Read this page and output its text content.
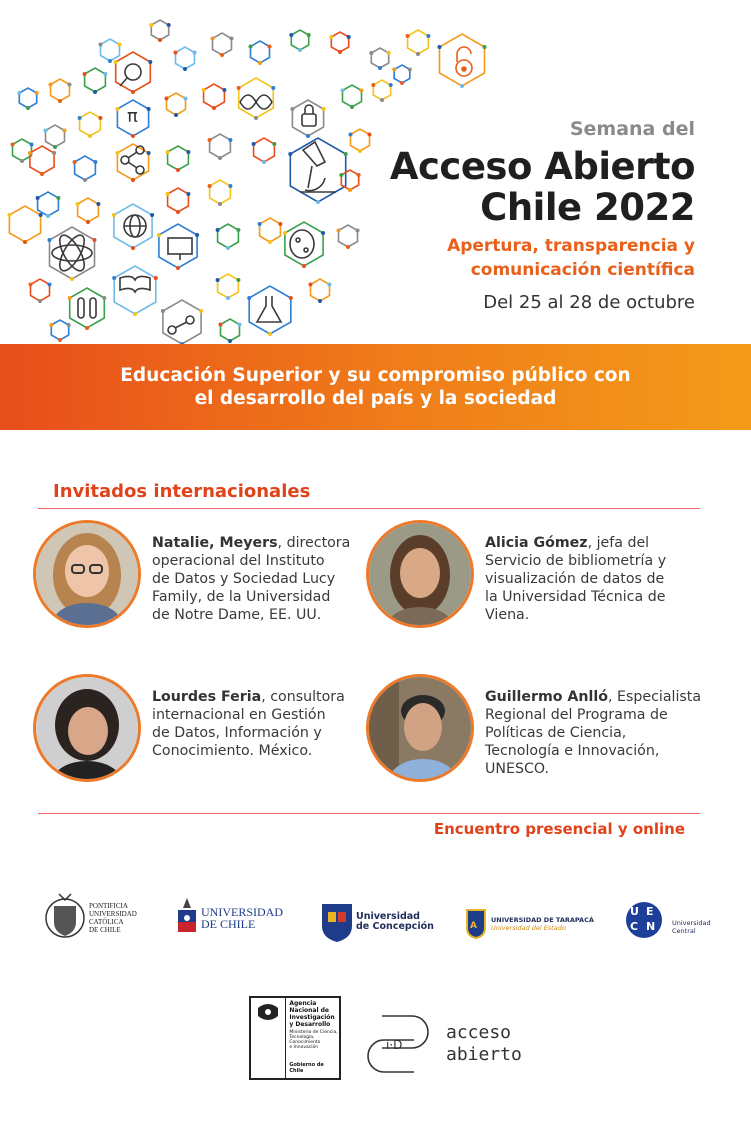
π
Semana del
Acceso Abierto
Chile 2022
Apertura, transparencia y
comunicación científica
Del 25 al 28 de octubre
Educación Superior y su compromiso público con
el desarrollo del país y la sociedad
Invitados internacionales
Natalie, Meyers, directora
operacional del Instituto
de Datos y Sociedad Lucy
Family, de la Universidad
de Notre Dame, EE. UU.
Alicia Gómez, jefa del
Servicio de bibliometría y
visualización de datos de
la Universidad Técnica de
Viena.
Lourdes Feria, consultora
internacional en Gestión
de Datos, Información y
Conocimiento. México.
Guillermo Anlló, Especialista
Regional del Programa de
Políticas de Ciencia,
Tecnología e Innovación,
UNESCO.
Encuentro presencial y online
PONTIFICIA
UNIVERSIDAD
CATÓLICA
DE CHILE
UNIVERSIDAD
DE CHILE
Universidad
de Concepción	A
UNIVERSIDAD DE TARAPACÁ
Universidad del Estado
U E
C N	Universidad
Central
Agencia
Nacional de
Investigación
y Desarrollo
Ministerio de Ciencia,
Tecnología, Conocimiento
e Innovación
Gobierno de Chile
i·D
acceso
abierto
